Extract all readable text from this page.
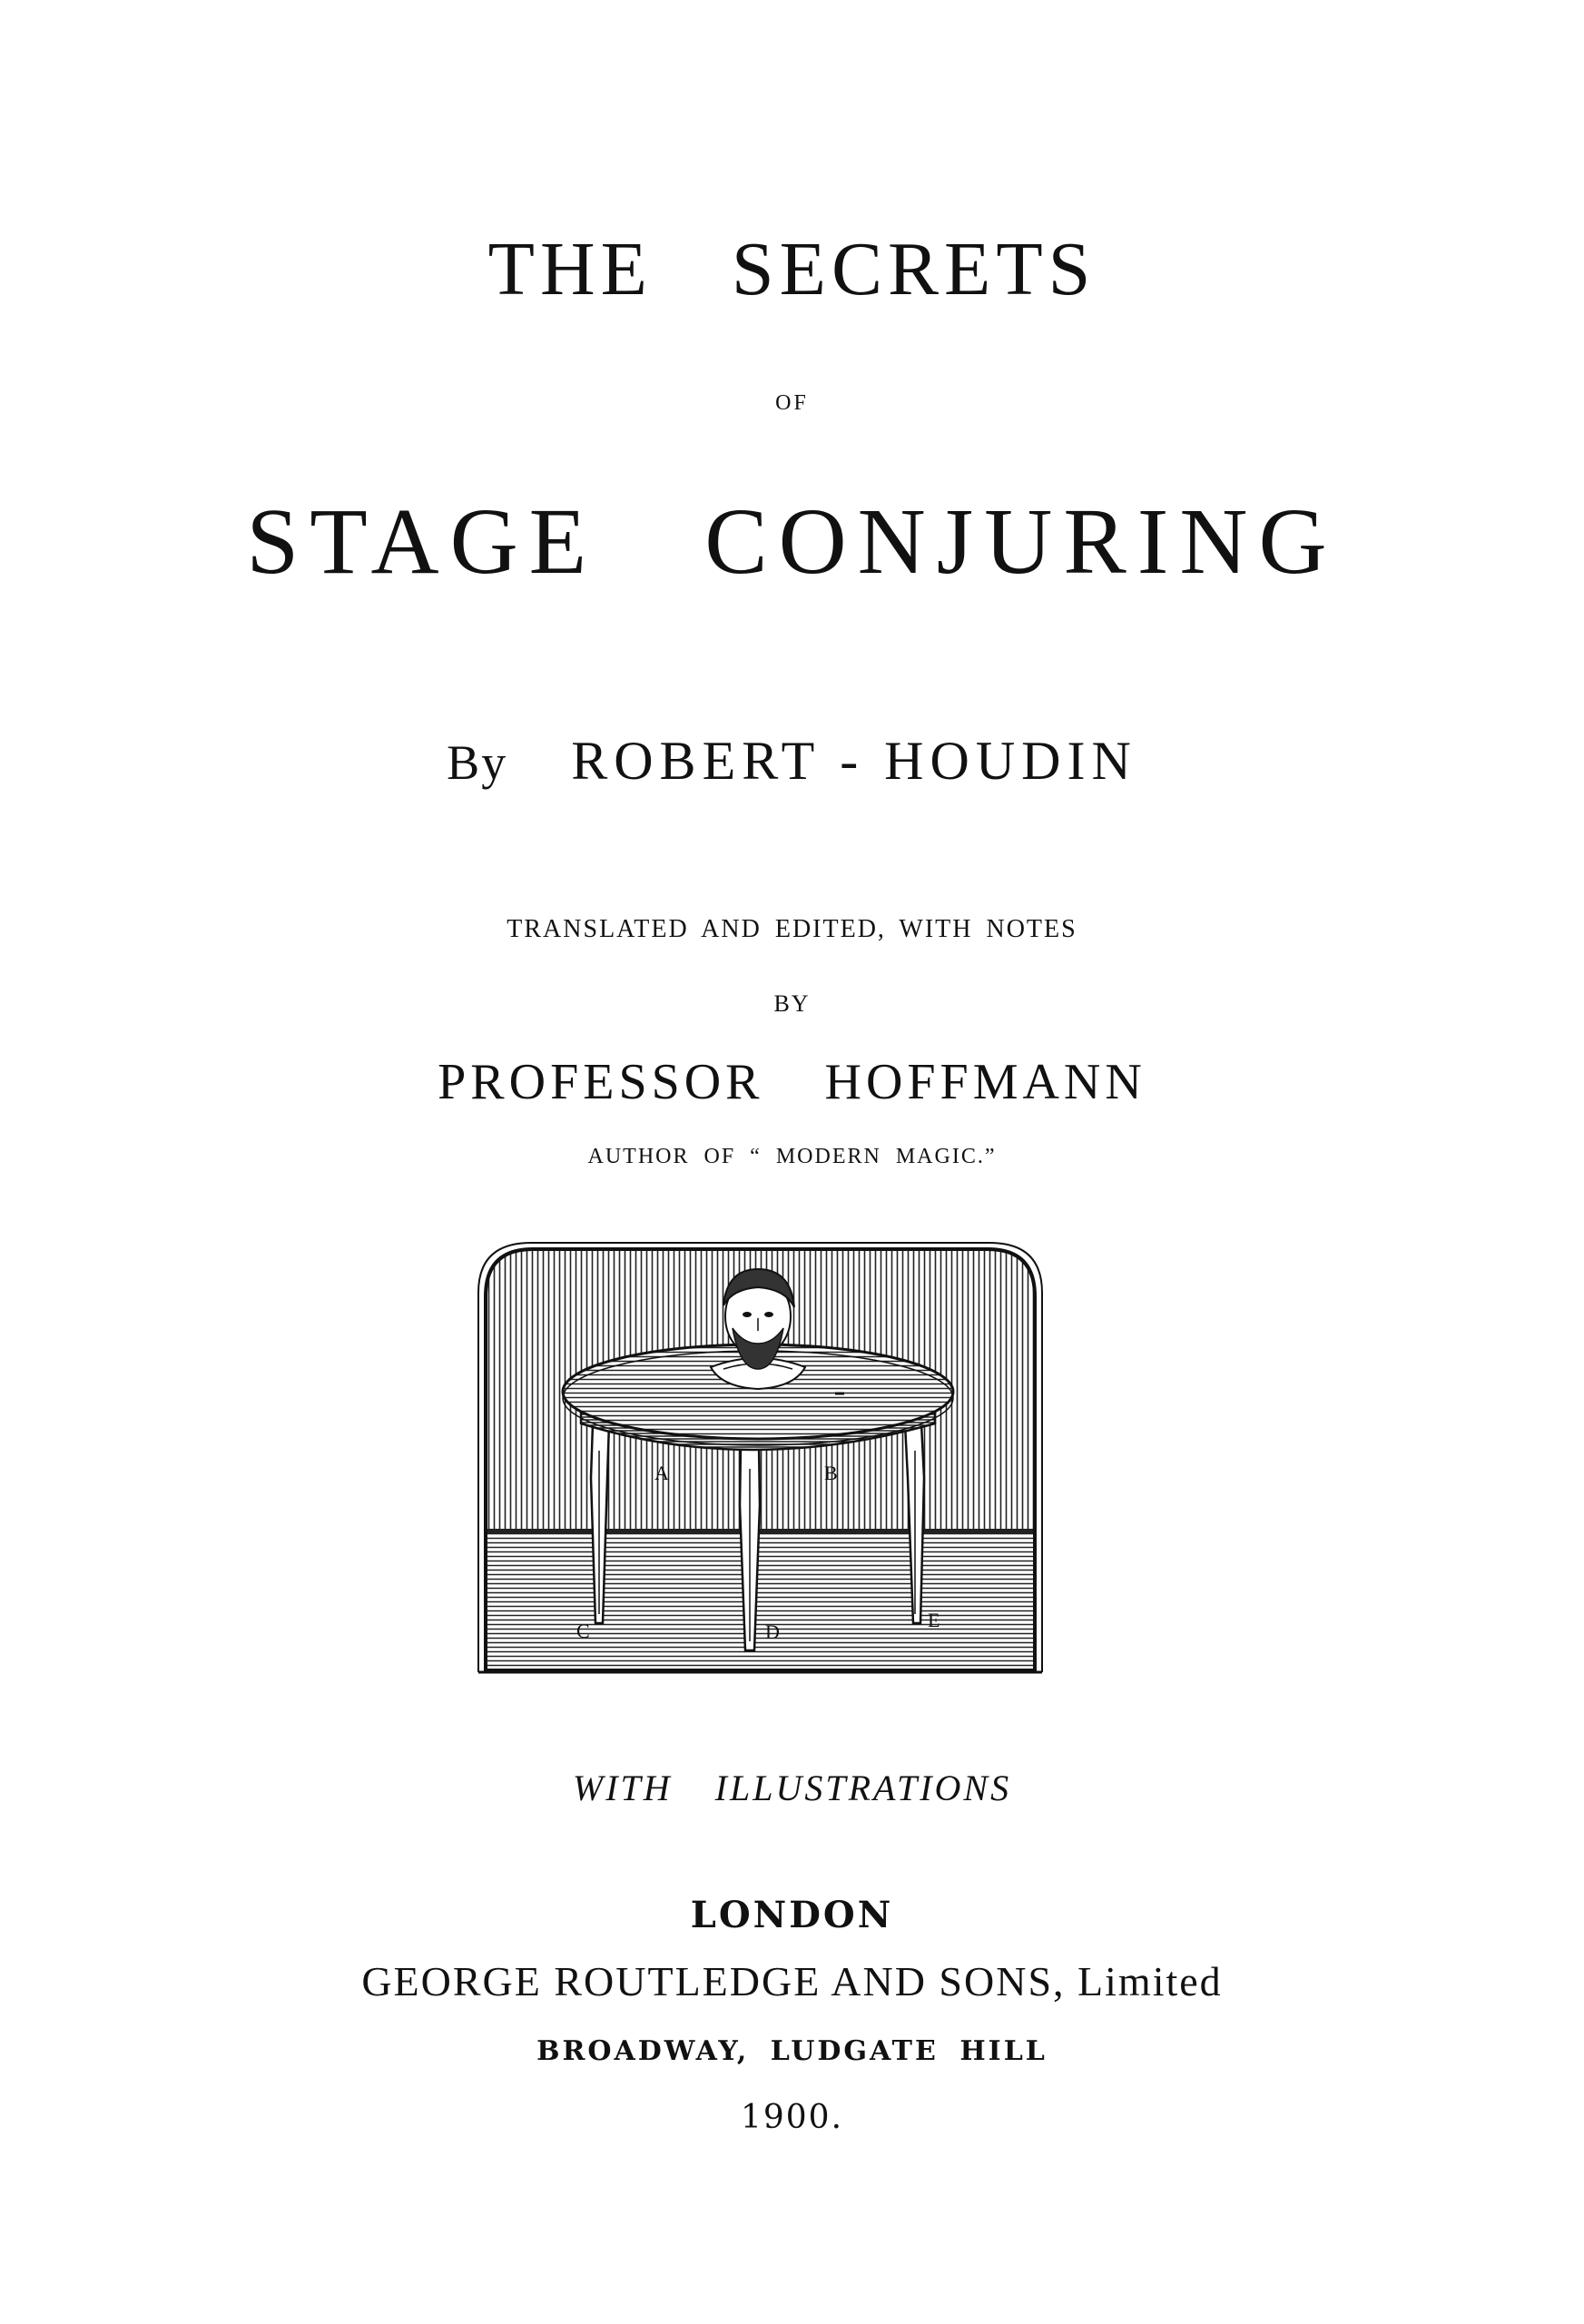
THE SECRETS
OF
STAGE CONJURING
By ROBERT - HOUDIN
TRANSLATED AND EDITED, WITH NOTES
BY
PROFESSOR HOFFMANN
AUTHOR OF “ MODERN MAGIC.”
A	B
C	D
E
WITH ILLUSTRATIONS
LONDON
GEORGE ROUTLEDGE AND SONS, Limited
BROADWAY, LUDGATE HILL
1900.
